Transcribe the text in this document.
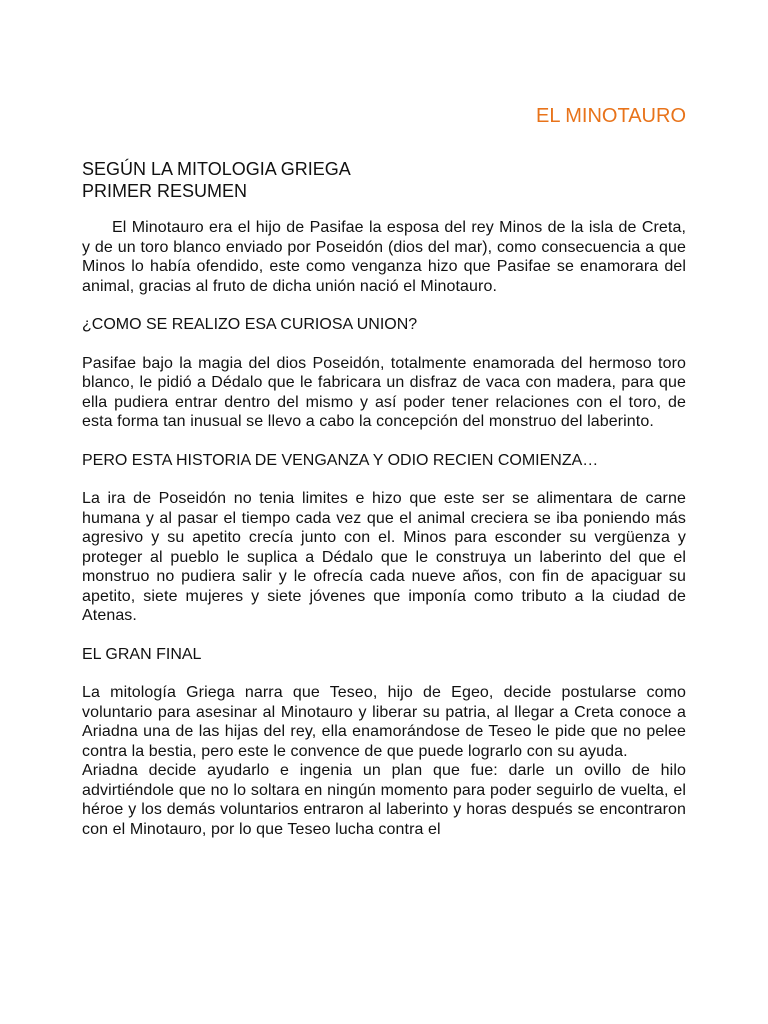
EL MINOTAURO
SEGÚN LA MITOLOGIA GRIEGA
PRIMER RESUMEN

El Minotauro era el hijo de Pasifae la esposa del rey Minos de la isla de Creta, y de un toro blanco enviado por Poseidón (dios del mar), como consecuencia a que Minos lo había ofendido, este como venganza hizo que Pasifae se enamorara del animal, gracias al fruto de dicha unión nació el Minotauro.

¿COMO SE REALIZO ESA CURIOSA UNION?

Pasifae bajo la magia del dios Poseidón, totalmente enamorada del hermoso toro blanco, le pidió a Dédalo que le fabricara un disfraz de vaca con madera, para que ella pudiera entrar dentro del mismo y así poder tener relaciones con el toro, de esta forma tan inusual se llevo a cabo la concepción del monstruo del laberinto.

PERO ESTA HISTORIA DE VENGANZA Y ODIO RECIEN COMIENZA…

La ira de Poseidón no tenia limites e hizo que este ser se alimentara de carne humana y al pasar el tiempo cada vez que el animal creciera se iba poniendo más agresivo y su apetito crecía junto con el. Minos para esconder su vergüenza y proteger al pueblo le suplica a Dédalo que le construya un laberinto del que el monstruo no pudiera salir y le ofrecía cada nueve años, con fin de apaciguar su apetito, siete mujeres y siete jóvenes que imponía como tributo a la ciudad de Atenas.

EL GRAN FINAL

La mitología Griega narra que Teseo, hijo de Egeo, decide postularse como voluntario para asesinar al Minotauro y liberar su patria, al llegar a Creta conoce a Ariadna una de las hijas del rey, ella enamorándose de Teseo le pide que no pelee contra la bestia, pero este le convence de que puede lograrlo con su ayuda.

Ariadna decide ayudarlo e ingenia un plan que fue: darle un ovillo de hilo advirtiéndole que no lo soltara en ningún momento para poder seguirlo de vuelta, el héroe y los demás voluntarios entraron al laberinto y horas después se encontraron con el Minotauro, por lo que Teseo lucha contra el
